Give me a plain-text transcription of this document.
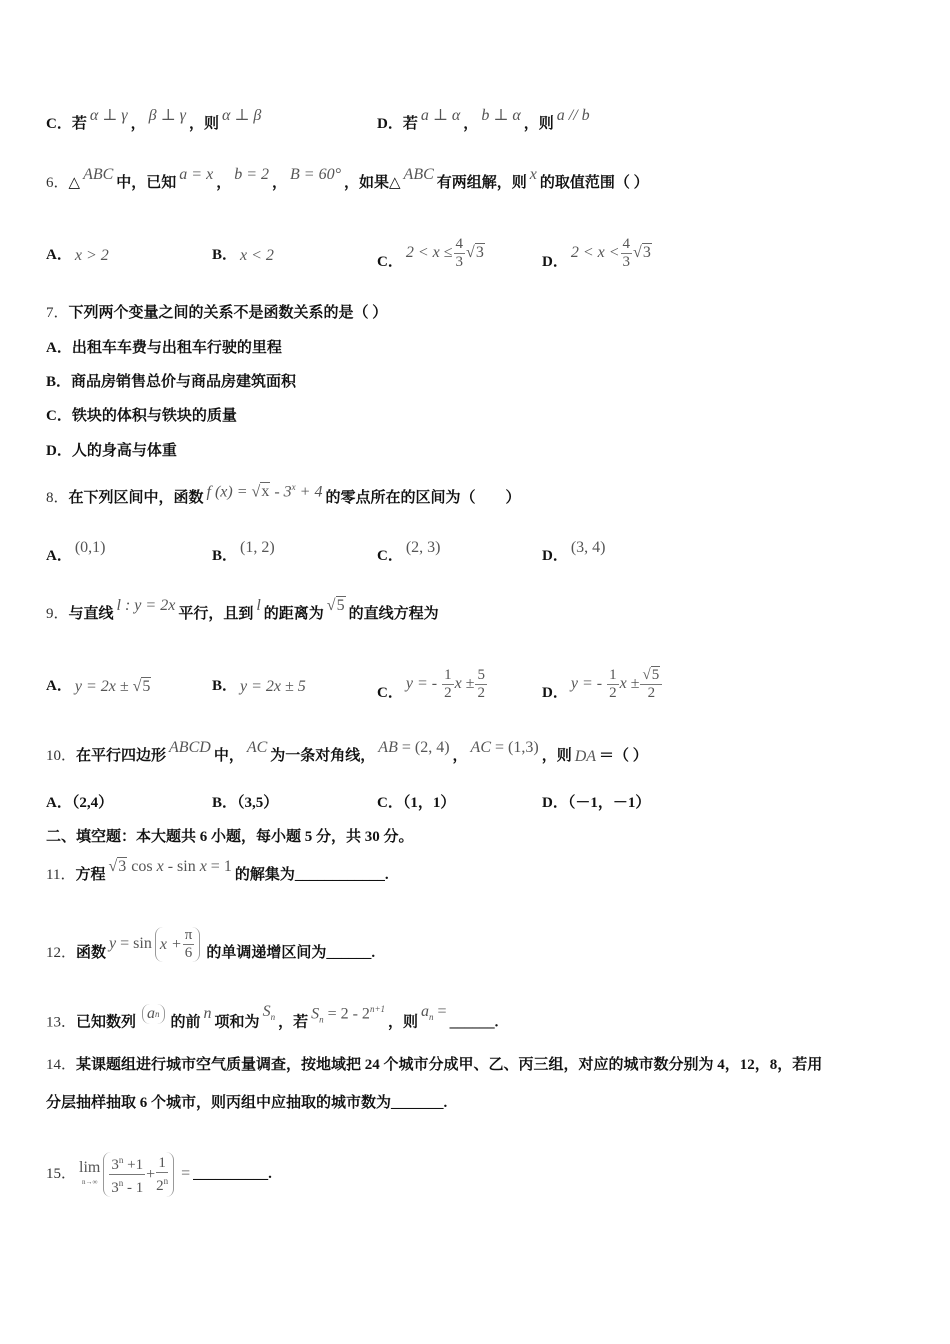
C．若α ⊥ γ，β ⊥ γ，则α ⊥ β
D．若a ⊥ α，b ⊥ α，则a // b
6．△ABC中，已知a = x，b = 2，B = 60°，如果△ABC有两组解，则x的取值范围（ ）
A． x > 2	B． x < 2	C．$2 < x \le \frac{4}{3} √3$
D．$2 < x < \frac{4}{3} √3$
7．下列两个变量之间的关系不是函数关系的是（ ）
A．出租车车费与出租车行驶的里程
B．商品房销售总价与商品房建筑面积
C．铁块的体积与铁块的质量
D．人的身高与体重
8．在下列区间中，函数 f $(x) = √x - 3^x + 4$ 的零点所在的区间为（　　）
A．(0,1)
B．(1, 2)
C．(2, 3)
D．(3, 4)
9．与直线l : y = 2x平行，且到l的距离为√5的直线方程为
A． y = 2x ± √5	B． y = 2x ± 5	C．y = - $\frac{1}{2}$ $x \pm \frac{5}{2}$	D．y = - $\frac{1}{2}$ $x \pm \frac{√5}{2}$
10．在平行四边形ABCD中，AC为一条对角线，AB = (2, 4)，AC = (1,3)，则 DA ＝（ ）
A．（2,4）	B．（3,5）	C．（1，1）	D．（－1，－1）
二、填空题：本大题共 6 小题，每小题 5 分，共 30 分。
11．方程√3 cos x - sin x = 1的解集为____________.
12．函数$y = \sin x + \frac{\pi}{6}$ 的单调递增区间为______.
13．已知数列
a n
的前n项和为$S_n$ ，若$S_n = 2 - 2^{n+1}$，则$a_n$ =______.
14．某课题组进行城市空气质量调查，按地域把 24 个城市分成甲、乙、丙三组，对应的城市数分别为 4，12，8，若用
分层抽样抽取 6 个城市，则丙组中应抽取的城市数为_______.
15． lim
$n\to\infty \frac{3^n +1}{3^n - 1} + \frac{1}{2^n}$ =__________.
